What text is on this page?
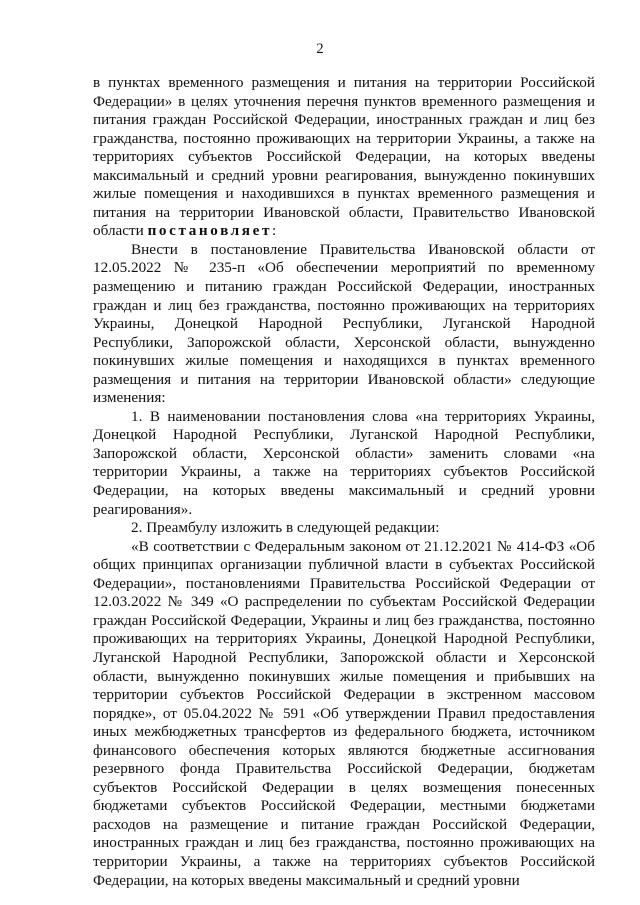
2

в пунктах временного размещения и питания на территории Российской Федерации» в целях уточнения перечня пунктов временного размещения и питания граждан Российской Федерации, иностранных граждан и лиц без гражданства, постоянно проживающих на территории Украины, а также на территориях субъектов Российской Федерации, на которых введены максимальный и средний уровни реагирования, вынужденно покинувших жилые помещения и находившихся в пунктах временного размещения и питания на территории Ивановской области, Правительство Ивановской области постановляет:

Внести в постановление Правительства Ивановской области от 12.05.2022 № 235-п «Об обеспечении мероприятий по временному размещению и питанию граждан Российской Федерации, иностранных граждан и лиц без гражданства, постоянно проживающих на территориях Украины, Донецкой Народной Республики, Луганской Народной Республики, Запорожской области, Херсонской области, вынужденно покинувших жилые помещения и находящихся в пунктах временного размещения и питания на территории Ивановской области» следующие изменения:

1. В наименовании постановления слова «на территориях Украины, Донецкой Народной Республики, Луганской Народной Республики, Запорожской области, Херсонской области» заменить словами «на территории Украины, а также на территориях субъектов Российской Федерации, на которых введены максимальный и средний уровни реагирования».

2. Преамбулу изложить в следующей редакции:

«В соответствии с Федеральным законом от 21.12.2021 № 414-ФЗ «Об общих принципах организации публичной власти в субъектах Российской Федерации», постановлениями Правительства Российской Федерации от 12.03.2022 № 349 «О распределении по субъектам Российской Федерации граждан Российской Федерации, Украины и лиц без гражданства, постоянно проживающих на территориях Украины, Донецкой Народной Республики, Луганской Народной Республики, Запорожской области и Херсонской области, вынужденно покинувших жилые помещения и прибывших на территории субъектов Российской Федерации в экстренном массовом порядке», от 05.04.2022 № 591 «Об утверждении Правил предоставления иных межбюджетных трансфертов из федерального бюджета, источником финансового обеспечения которых являются бюджетные ассигнования резервного фонда Правительства Российской Федерации, бюджетам субъектов Российской Федерации в целях возмещения понесенных бюджетами субъектов Российской Федерации, местными бюджетами расходов на размещение и питание граждан Российской Федерации, иностранных граждан и лиц без гражданства, постоянно проживающих на территории Украины, а также на территориях субъектов Российской Федерации, на которых введены максимальный и средний уровни
